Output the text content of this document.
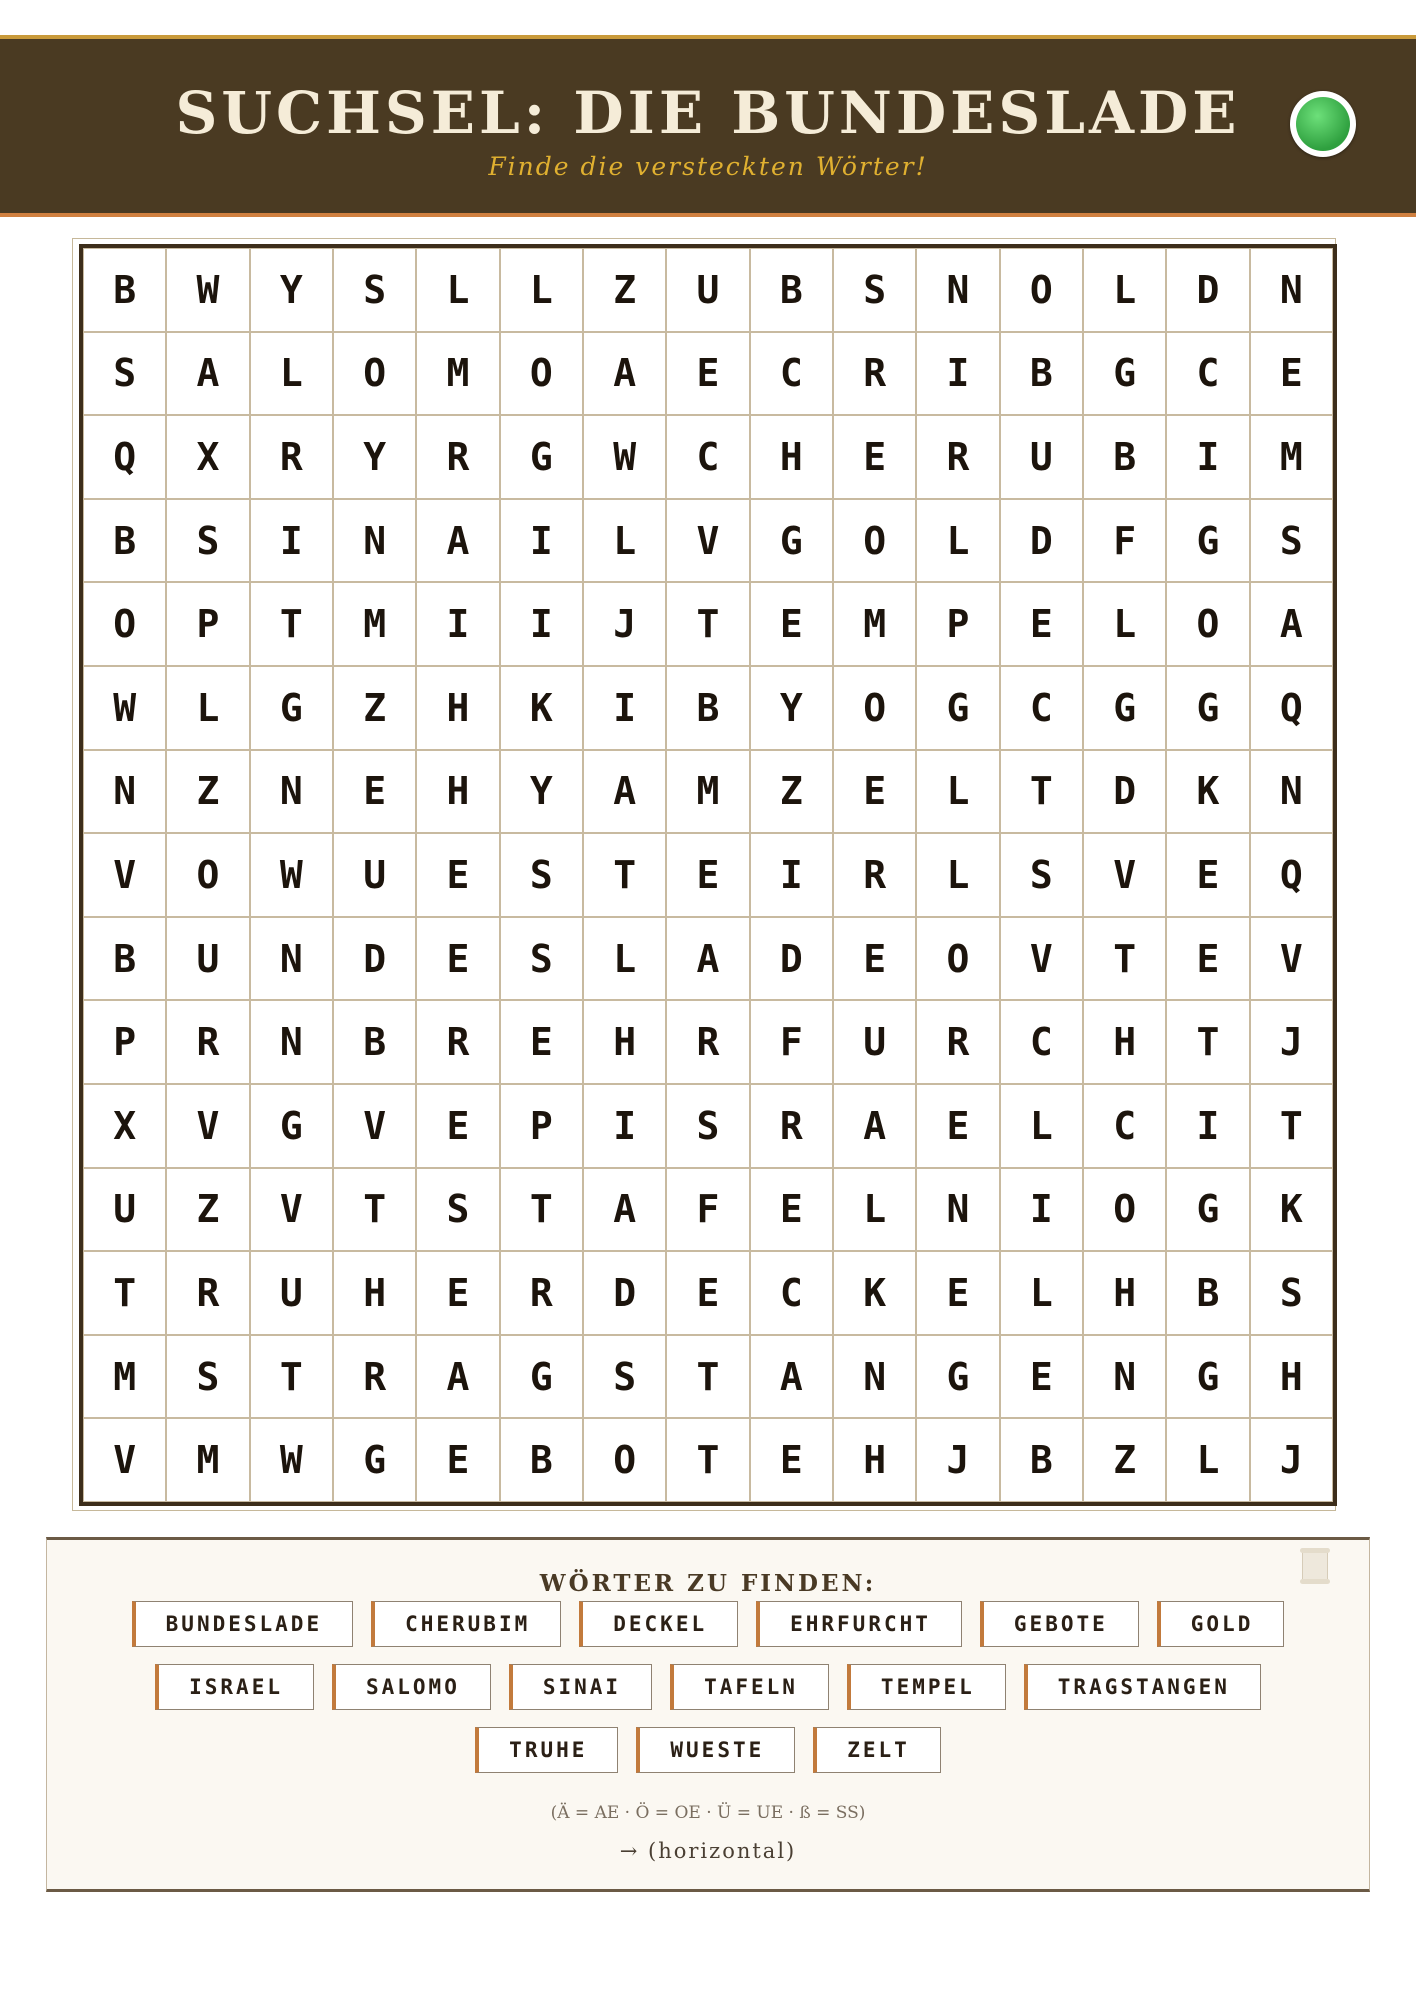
SUCHSEL: DIE BUNDESLADE
Finde die versteckten Wörter!
B	W	Y	S	L	L	Z	U	B	S	N	O	L	D	N
S	A	L	O	M	O	A	E	C	R	I	B	G	C	E
Q	X	R	Y	R	G	W	C	H	E	R	U	B	I	M
B	S	I	N	A	I	L	V	G	O	L	D	F	G	S
O	P	T	M	I	I	J	T	E	M	P	E	L	O	A
W	L	G	Z	H	K	I	B	Y	O	G	C	G	G	Q
N	Z	N	E	H	Y	A	M	Z	E	L	T	D	K	N
V	O	W	U	E	S	T	E	I	R	L	S	V	E	Q
B	U	N	D	E	S	L	A	D	E	O	V	T	E	V
P	R	N	B	R	E	H	R	F	U	R	C	H	T	J
X	V	G	V	E	P	I	S	R	A	E	L	C	I	T
U	Z	V	T	S	T	A	F	E	L	N	I	O	G	K
T	R	U	H	E	R	D	E	C	K	E	L	H	B	S
M	S	T	R	A	G	S	T	A	N	G	E	N	G	H
V	M	W	G	E	B	O	T	E	H	J	B	Z	L	J
WÖRTER ZU FINDEN:
BUNDESLADE	CHERUBIM	DECKEL	EHRFURCHT	GEBOTE	GOLD
ISRAEL	SALOMO	SINAI	TAFELN	TEMPEL	TRAGSTANGEN
TRUHE	WUESTE	ZELT
(Ä = AE · Ö = OE · Ü = UE · ß = SS)
→ (horizontal)
